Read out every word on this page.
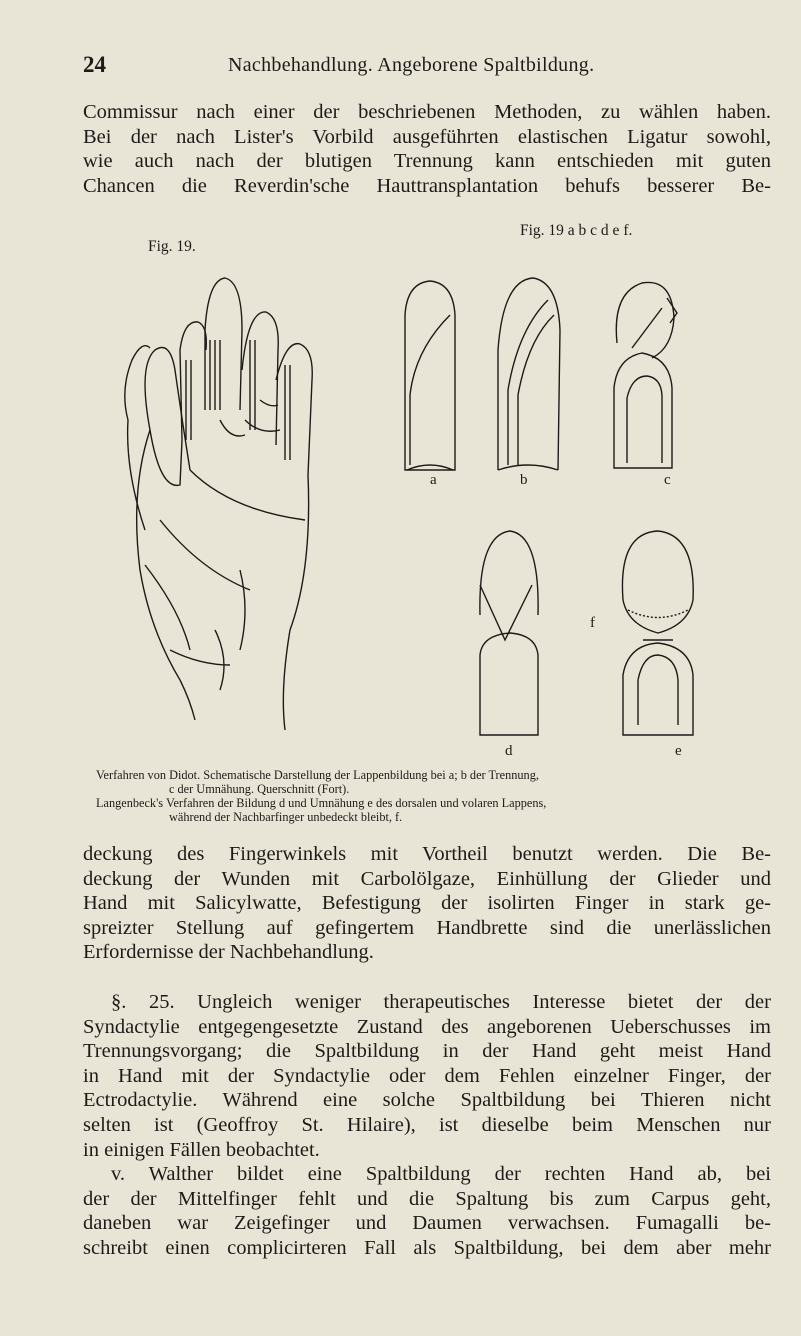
24	Nachbehandlung. Angeborene Spaltbildung.
Commissur nach einer der beschriebenen Methoden, zu wählen haben.
Bei der nach Lister's Vorbild ausgeführten elastischen Ligatur sowohl,
wie auch nach der blutigen Trennung kann entschieden mit guten
Chancen die Reverdin'sche Hauttransplantation behufs besserer Be-
Fig. 19.
Fig. 19 a b c d e f.
a	b	c
d
f
e
Verfahren von Didot. Schematische Darstellung der Lappenbildung bei a; b der Trennung,
c der Umnähung. Querschnitt (Fort).
Langenbeck's Verfahren der Bildung d und Umnähung e des dorsalen und volaren Lappens,
während der Nachbarfinger unbedeckt bleibt, f.
deckung des Fingerwinkels mit Vortheil benutzt werden. Die Be-
deckung der Wunden mit Carbolölgaze, Einhüllung der Glieder und
Hand mit Salicylwatte, Befestigung der isolirten Finger in stark ge-
spreizter Stellung auf gefingertem Handbrette sind die unerlässlichen
Erfordernisse der Nachbehandlung.
§. 25. Ungleich weniger therapeutisches Interesse bietet der der
Syndactylie entgegengesetzte Zustand des angeborenen Ueberschusses im
Trennungsvorgang; die Spaltbildung in der Hand geht meist Hand
in Hand mit der Syndactylie oder dem Fehlen einzelner Finger, der
Ectrodactylie. Während eine solche Spaltbildung bei Thieren nicht
selten ist (Geoffroy St. Hilaire), ist dieselbe beim Menschen nur
in einigen Fällen beobachtet.
v. Walther bildet eine Spaltbildung der rechten Hand ab, bei
der der Mittelfinger fehlt und die Spaltung bis zum Carpus geht,
daneben war Zeigefinger und Daumen verwachsen. Fumagalli be-
schreibt einen complicirteren Fall als Spaltbildung, bei dem aber mehr
